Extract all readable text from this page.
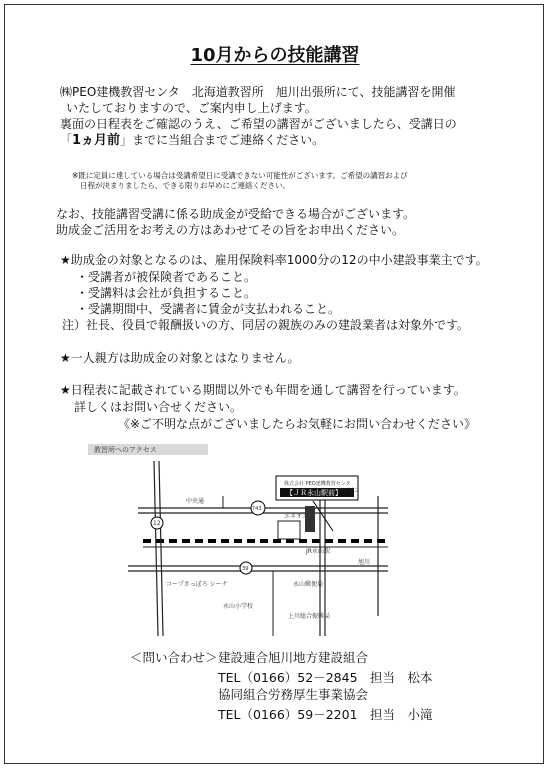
10月からの技能講習
㈱PEO建機教習センタ　北海道教習所　旭川出張所にて、技能講習を開催
いたしておりますので、ご案内申し上げます。
裏面の日程表をご確認のうえ、ご希望の講習がございましたら、受講日の
「1ヵ月前」までに当組合までご連絡ください。
※既に定員に達している場合は受講希望日に受講できない可能性がございます。ご希望の講習および
日程が決まりましたら、できる限りお早めにご連絡ください。
なお、技能講習受講に係る助成金が受給できる場合がございます。
助成金ご活用をお考えの方はあわせてその旨をお申出ください。
★助成金の対象となるのは、雇用保険料率1000分の12の中小建設事業主です。
・受講者が被保険者であること。
・受講料は会社が負担すること。
・受講期間中、受講者に賃金が支払われること。
注）社長、役員で報酬扱いの方、同居の親族のみの建設業者は対象外です。
★一人親方は助成金の対象とはなりません。
★日程表に記載されている期間以外でも年間を通して講習を行っています。
詳しくはお問い合せください。
《※ご不明な点がございましたらお気軽にお問い合わせください》
教習所へのアクセス
株式会社 PEO建機教習センタ
【ＪＲ永山駅前】
12
743
39
中央通
ローソン
エネオス
JR永山駅
旭川
永山郵便局
コープさっぽろ シーナ
永山小学校
上川総合振興局
＜問い合わせ＞ 建設連合旭川地方建設組合
TEL（0166）52－2845　担当　松本
協同組合労務厚生事業協会
TEL（0166）59－2201　担当　小滝
